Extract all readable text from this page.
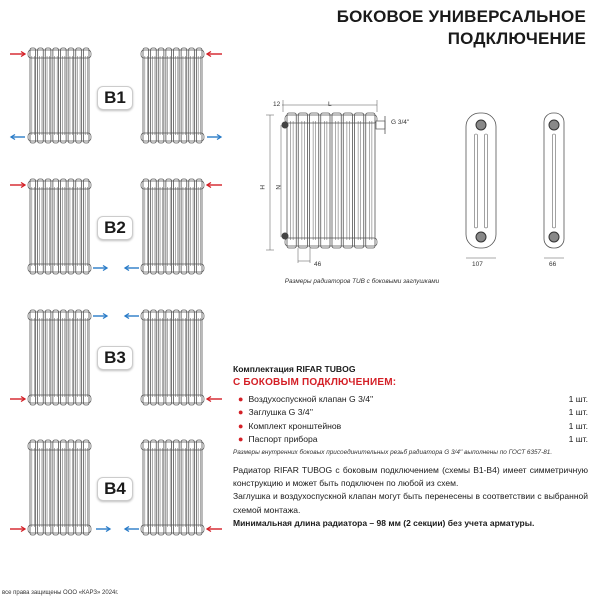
БОКОВОЕ УНИВЕРСАЛЬНОЕ
ПОДКЛЮЧЕНИЕ
B1
B2
B3
B4
12	L
G 3/4''
H N
46	107	66
Размеры радиаторов TUB с боковыми заглушками
Комплектация RIFAR TUBOG
С БОКОВЫМ ПОДКЛЮЧЕНИЕМ:
● Воздухоспускной клапан G 3/4''	1 шт.
● Заглушка G 3/4''	1 шт.
● Комплект кронштейнов	1 шт.
● Паспорт прибора	1 шт.
Размеры внутренних боковых присоединительных резьб радиатора G 3/4'' выполнены по ГОСТ 6357-81.
Радиатор RIFAR TUBOG с боковым подключением (схемы B1-B4) имеет симметричную конструкцию и может быть подключен по любой из схем.
Заглушка и воздухоспускной клапан могут быть перенесены в соответствии с выбранной схемой монтажа.
Минимальная длина радиатора – 98 мм (2 секции) без учета арматуры.
все права защищены ООО «КАРЗ» 2024г.
